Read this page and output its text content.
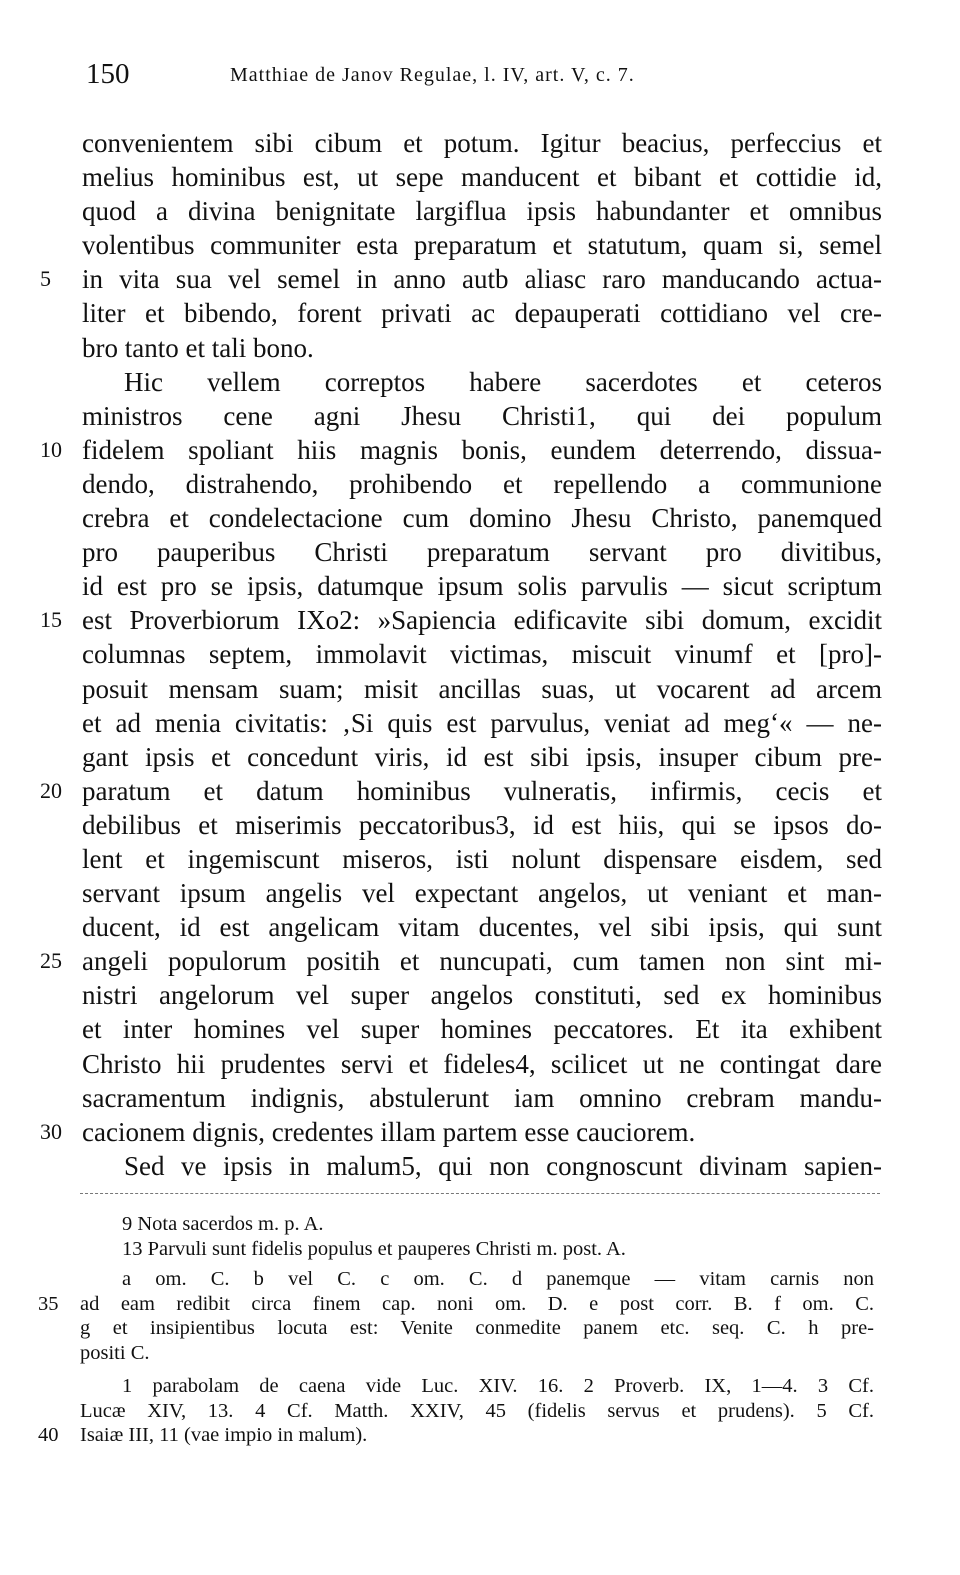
150	Matthiae de Janov Regulae, l. IV, art. V, c. 7.
convenientem sibi cibum et potum. Igitur beacius, perfeccius et
melius hominibus est, ut sepe manducent et bibant et cottidie id,
quod a divina benignitate largiflua ipsis habundanter et omnibus
volentibus communiter esta preparatum et statutum, quam si, semel
5	in vita sua vel semel in anno autb aliasc raro manducando actua-
liter et bibendo, forent privati ac depauperati cottidiano vel cre-
bro tanto et tali bono.
Hic vellem correptos habere sacerdotes et ceteros
ministros cene agni Jhesu Christi1, qui dei populum
10 fidelem spoliant hiis magnis bonis, eundem deterrendo, dissua-
dendo, distrahendo, prohibendo et repellendo a communione
crebra et condelectacione cum domino Jhesu Christo, panemqued
pro pauperibus Christi preparatum servant pro divitibus,
id est pro se ipsis, datumque ipsum solis parvulis — sicut scriptum
15 est Proverbiorum IXo2: »Sapiencia edificavite sibi domum, excidit
columnas septem, immolavit victimas, miscuit vinumf et [pro]-
posuit mensam suam; misit ancillas suas, ut vocarent ad arcem
et ad menia civitatis: ‚Si quis est parvulus, veniat ad meg‘« — ne-
gant ipsis et concedunt viris, id est sibi ipsis, insuper cibum pre-
20 paratum et datum hominibus vulneratis, infirmis, cecis et
debilibus et miserimis peccatoribus3, id est hiis, qui se ipsos do-
lent et ingemiscunt miseros, isti nolunt dispensare eisdem, sed
servant ipsum angelis vel expectant angelos, ut veniant et man-
ducent, id est angelicam vitam ducentes, vel sibi ipsis, qui sunt
25 angeli populorum positih et nuncupati, cum tamen non sint mi-
nistri angelorum vel super angelos constituti, sed ex hominibus
et inter homines vel super homines peccatores. Et ita exhibent
Christo hii prudentes servi et fideles4, scilicet ut ne contingat dare
sacramentum indignis, abstulerunt iam omnino crebram mandu-
30 cacionem dignis, credentes illam partem esse cauciorem.
Sed ve ipsis in malum5, qui non congnoscunt divinam sapien-
9 Nota sacerdos m. p. A.
13 Parvuli sunt fidelis populus et pauperes Christi m. post. A.
a om. C. b vel C. c om. C. d panemque — vitam carnis non
35	ad eam redibit circa finem cap. noni om. D. e post corr. B. f om. C.
g et insipientibus locuta est: Venite conmedite panem etc. seq. C. h pre-
positi C.
1 parabolam de caena vide Luc. XIV. 16. 2 Proverb. IX, 1—4. 3 Cf.
Lucæ XIV, 13. 4 Cf. Matth. XXIV, 45 (fidelis servus et prudens). 5 Cf.
40	Isaiæ III, 11 (vae impio in malum).
